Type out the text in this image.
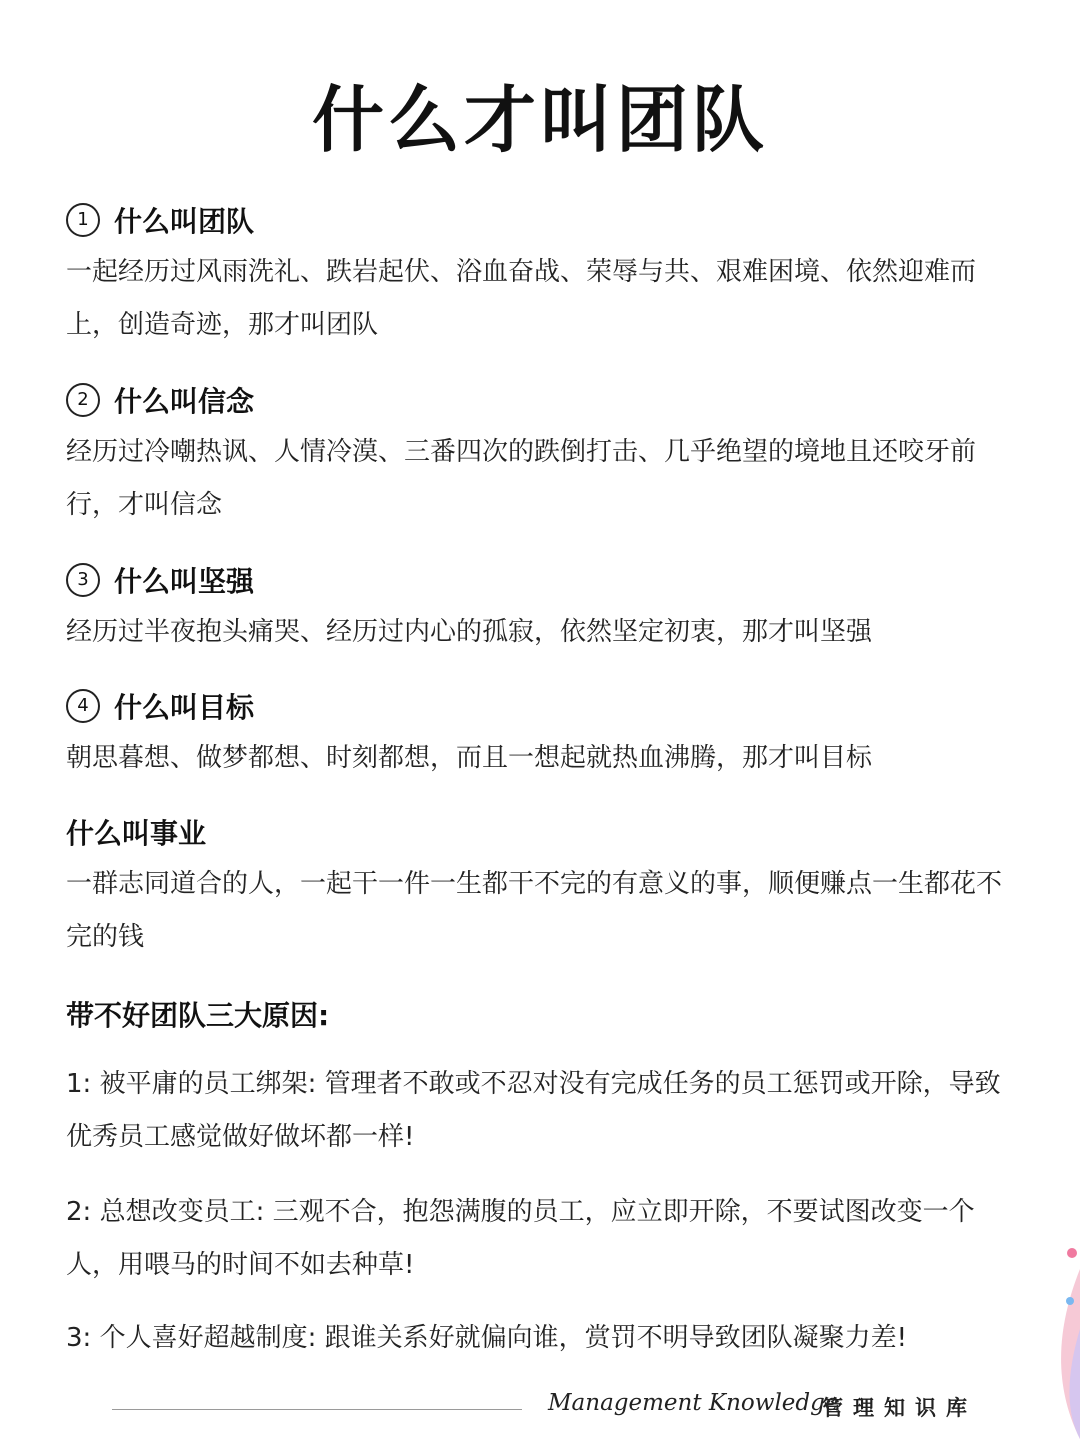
什么才叫团队
1 什么叫团队
一起经历过风雨洗礼、跌岩起伏、浴血奋战、荣辱与共、艰难困境、依然迎难而上，创造奇迹，那才叫团队
2 什么叫信念
经历过冷嘲热讽、人情冷漠、三番四次的跌倒打击、几乎绝望的境地且还咬牙前行，才叫信念
3 什么叫坚强
经历过半夜抱头痛哭、经历过内心的孤寂，依然坚定初衷，那才叫坚强
4 什么叫目标
朝思暮想、做梦都想、时刻都想，而且一想起就热血沸腾，那才叫目标
什么叫事业
一群志同道合的人，一起干一件一生都干不完的有意义的事，顺便赚点一生都花不完的钱
带不好团队三大原因:
1: 被平庸的员工绑架: 管理者不敢或不忍对没有完成任务的员工惩罚或开除，导致优秀员工感觉做好做坏都一样!
2: 总想改变员工: 三观不合，抱怨满腹的员工，应立即开除，不要试图改变一个人，用喂马的时间不如去种草!
3: 个人喜好超越制度: 跟谁关系好就偏向谁，赏罚不明导致团队凝聚力差!
Management Knowledge
管理知识库
